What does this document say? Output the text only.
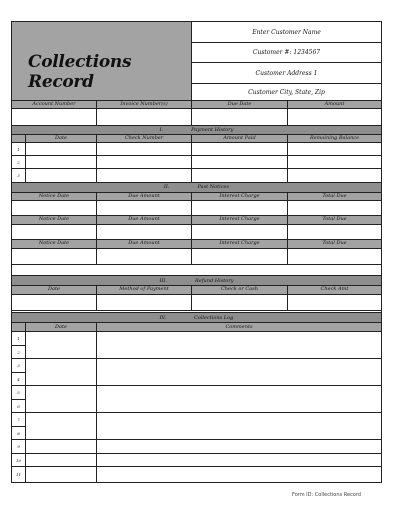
Collections Record
Enter Customer Name
Customer #: 1234567
Customer Address 1
Customer City, State, Zip
Account Number	Invoice Number(s)	Due Date	Amount
I.	Payment History
Date	Check Number	Amount Paid	Remaining Balance
1
2
3
II.	Past Notices
Notice Date	Due Amount	Interest Charge	Total Due
Notice Date	Due Amount	Interest Charge	Total Due
Notice Date	Due Amount	Interest Charge	Total Due
III.	Refund History
Date	Method of Payment	Check or Cash	Check Amt
IV.	Collections Log
Date	Comments
1
2
3
4
5
6
7
8
9
10
11
Form ID: Collections Record
